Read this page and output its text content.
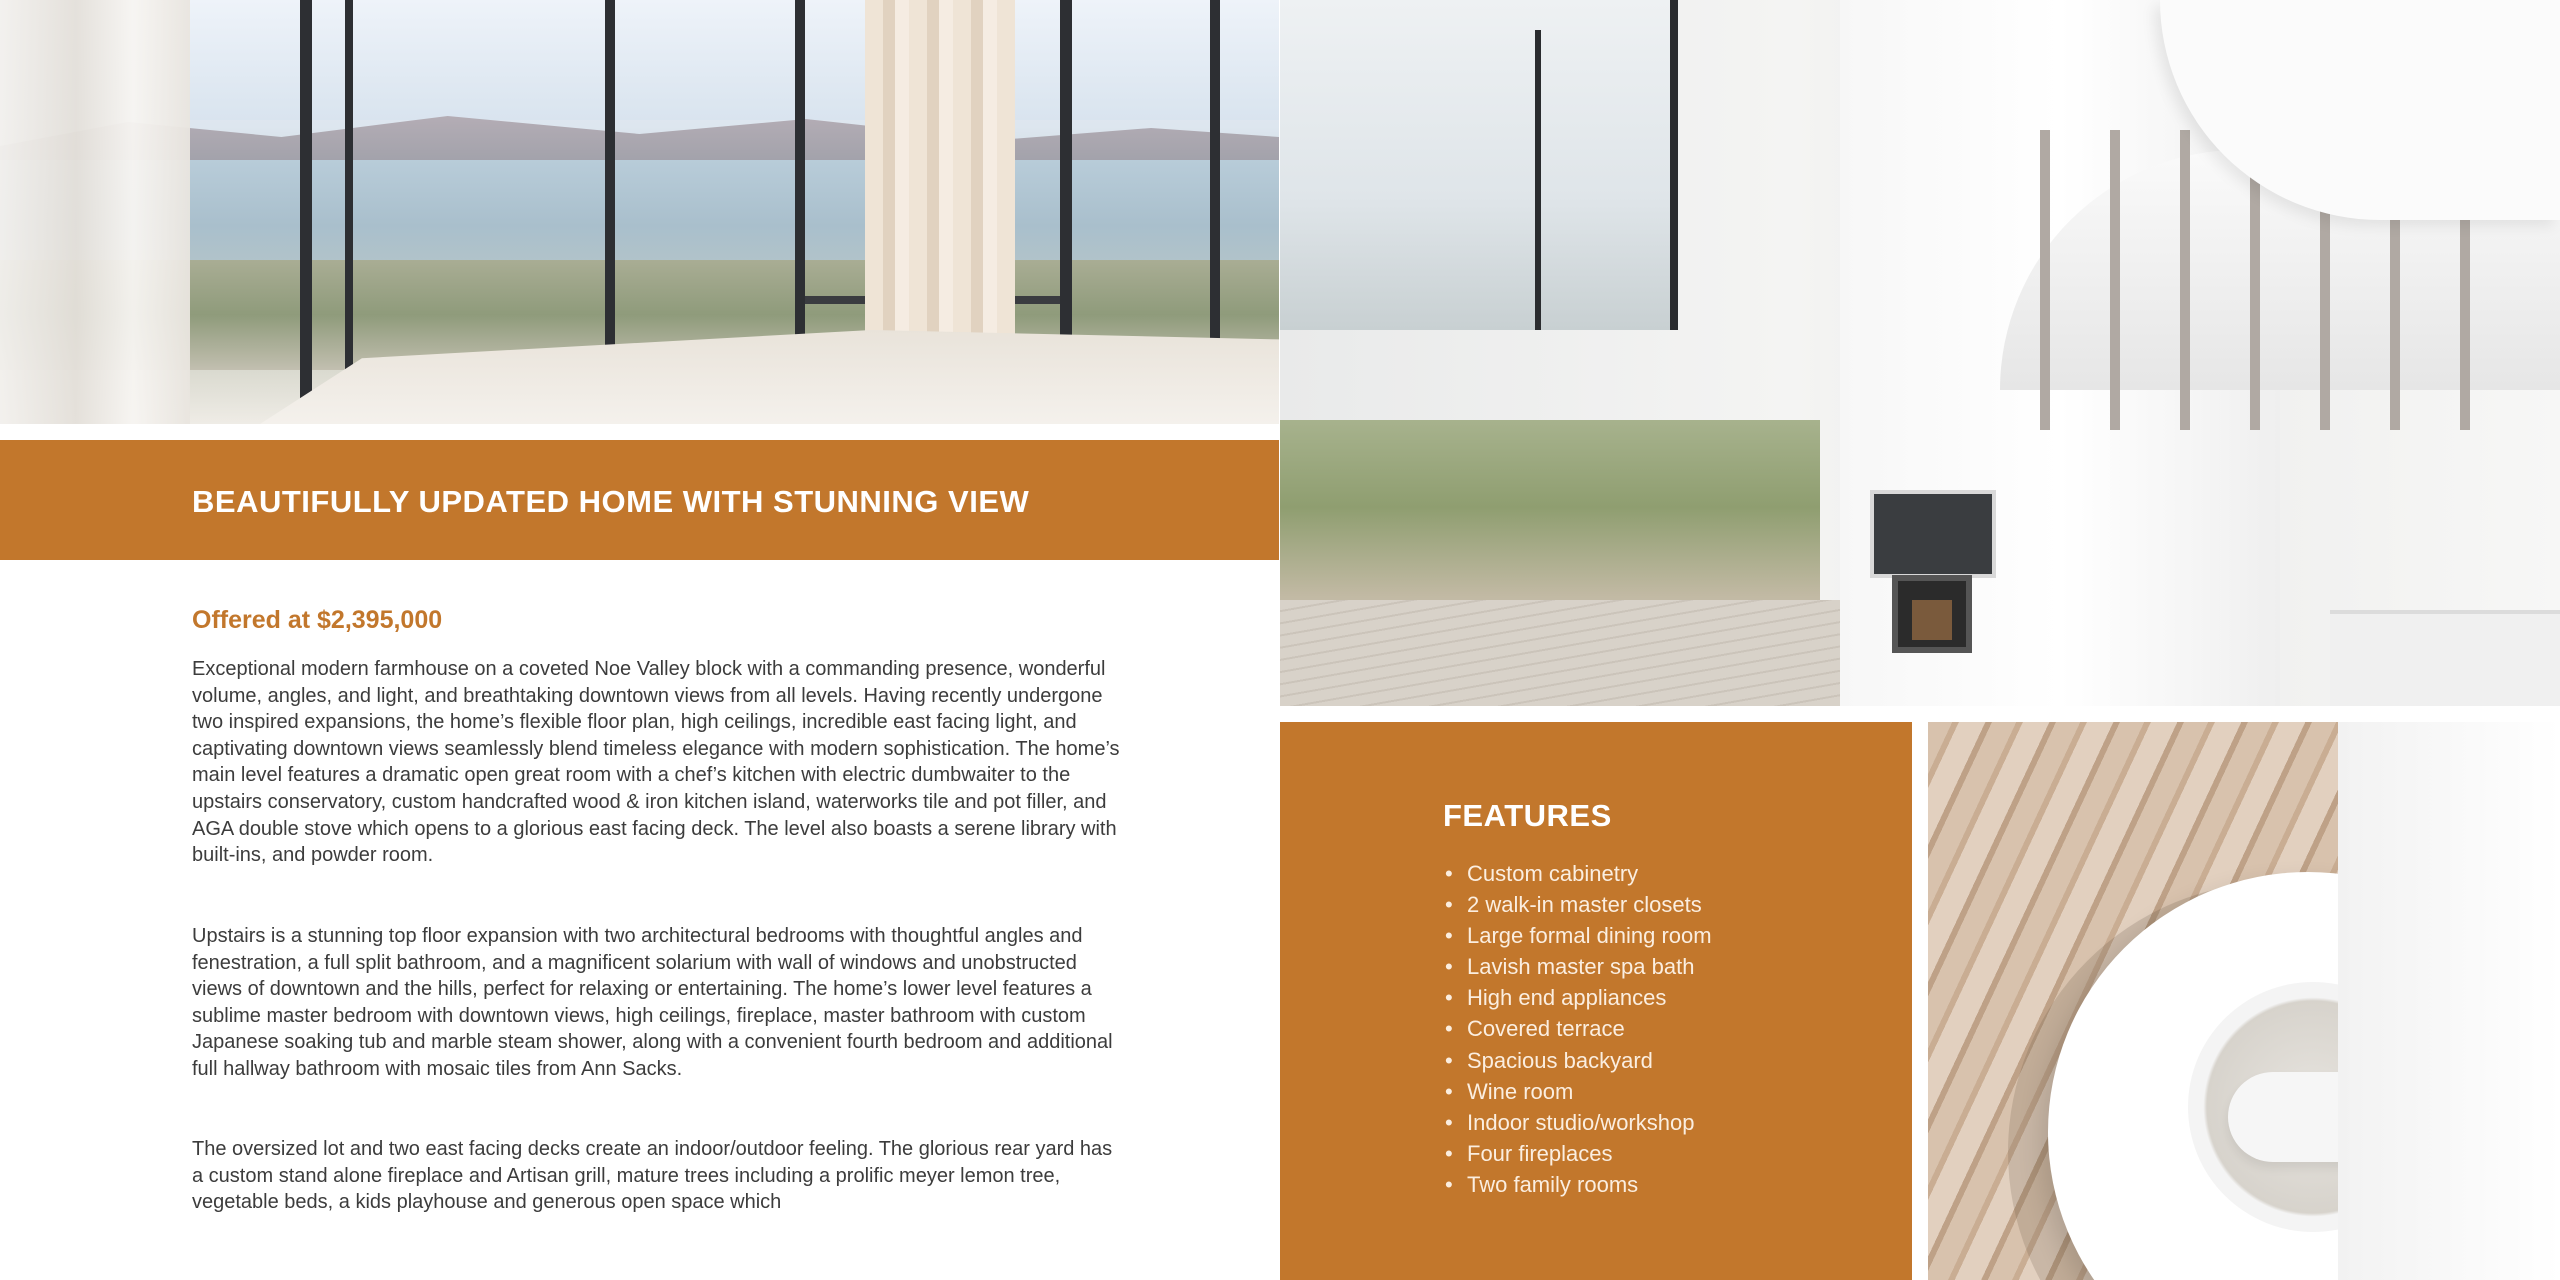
BEAUTIFULLY UPDATED HOME WITH STUNNING VIEW
Offered at $2,395,000

Exceptional modern farmhouse on a coveted Noe Valley block with a commanding presence, wonderful volume, angles, and light, and breathtaking downtown views from all levels. Having recently undergone two inspired expansions, the home’s flexible floor plan, high ceilings, incredible east facing light, and captivating downtown views seamlessly blend timeless elegance with modern sophistication. The home’s main level features a dramatic open great room with a chef’s kitchen with electric dumbwaiter to the upstairs conservatory, custom handcrafted wood & iron kitchen island, waterworks tile and pot filler, and AGA double stove which opens to a glorious east facing deck. The level also boasts a serene library with built-ins, and powder room.

Upstairs is a stunning top floor expansion with two architectural bedrooms with thoughtful angles and fenestration, a full split bathroom, and a magnificent solarium with wall of windows and unobstructed views of downtown and the hills, perfect for relaxing or entertaining. The home’s lower level features a sublime master bedroom with downtown views, high ceilings, fireplace, master bathroom with custom Japanese soaking tub and marble steam shower, along with a convenient fourth bedroom and additional full hallway bathroom with mosaic tiles from Ann Sacks.

The oversized lot and two east facing decks create an indoor/outdoor feeling. The glorious rear yard has a custom stand alone fireplace and Artisan grill, mature trees including a prolific meyer lemon tree, vegetable beds, a kids playhouse and generous open space which

FEATURES
• Custom cabinetry
• 2 walk-in master closets
• Large formal dining room
• Lavish master spa bath
• High end appliances
• Covered terrace
• Spacious backyard
• Wine room
• Indoor studio/workshop
• Four fireplaces
• Two family rooms
